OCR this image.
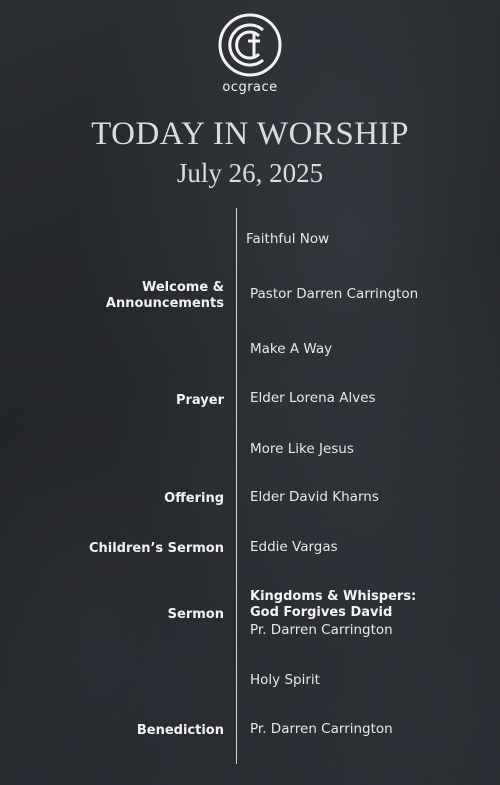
ocgrace
TODAY IN WORSHIP
July 26, 2025
Faithful Now
Welcome &
Announcements
Pastor Darren Carrington
Make A Way
Prayer Elder Lorena Alves
More Like Jesus
Offering Elder David Kharns
Children’s Sermon Eddie Vargas
Sermon
Kingdoms & Whispers:
God Forgives David
Pr. Darren Carrington
Holy Spirit
Benediction Pr. Darren Carrington
